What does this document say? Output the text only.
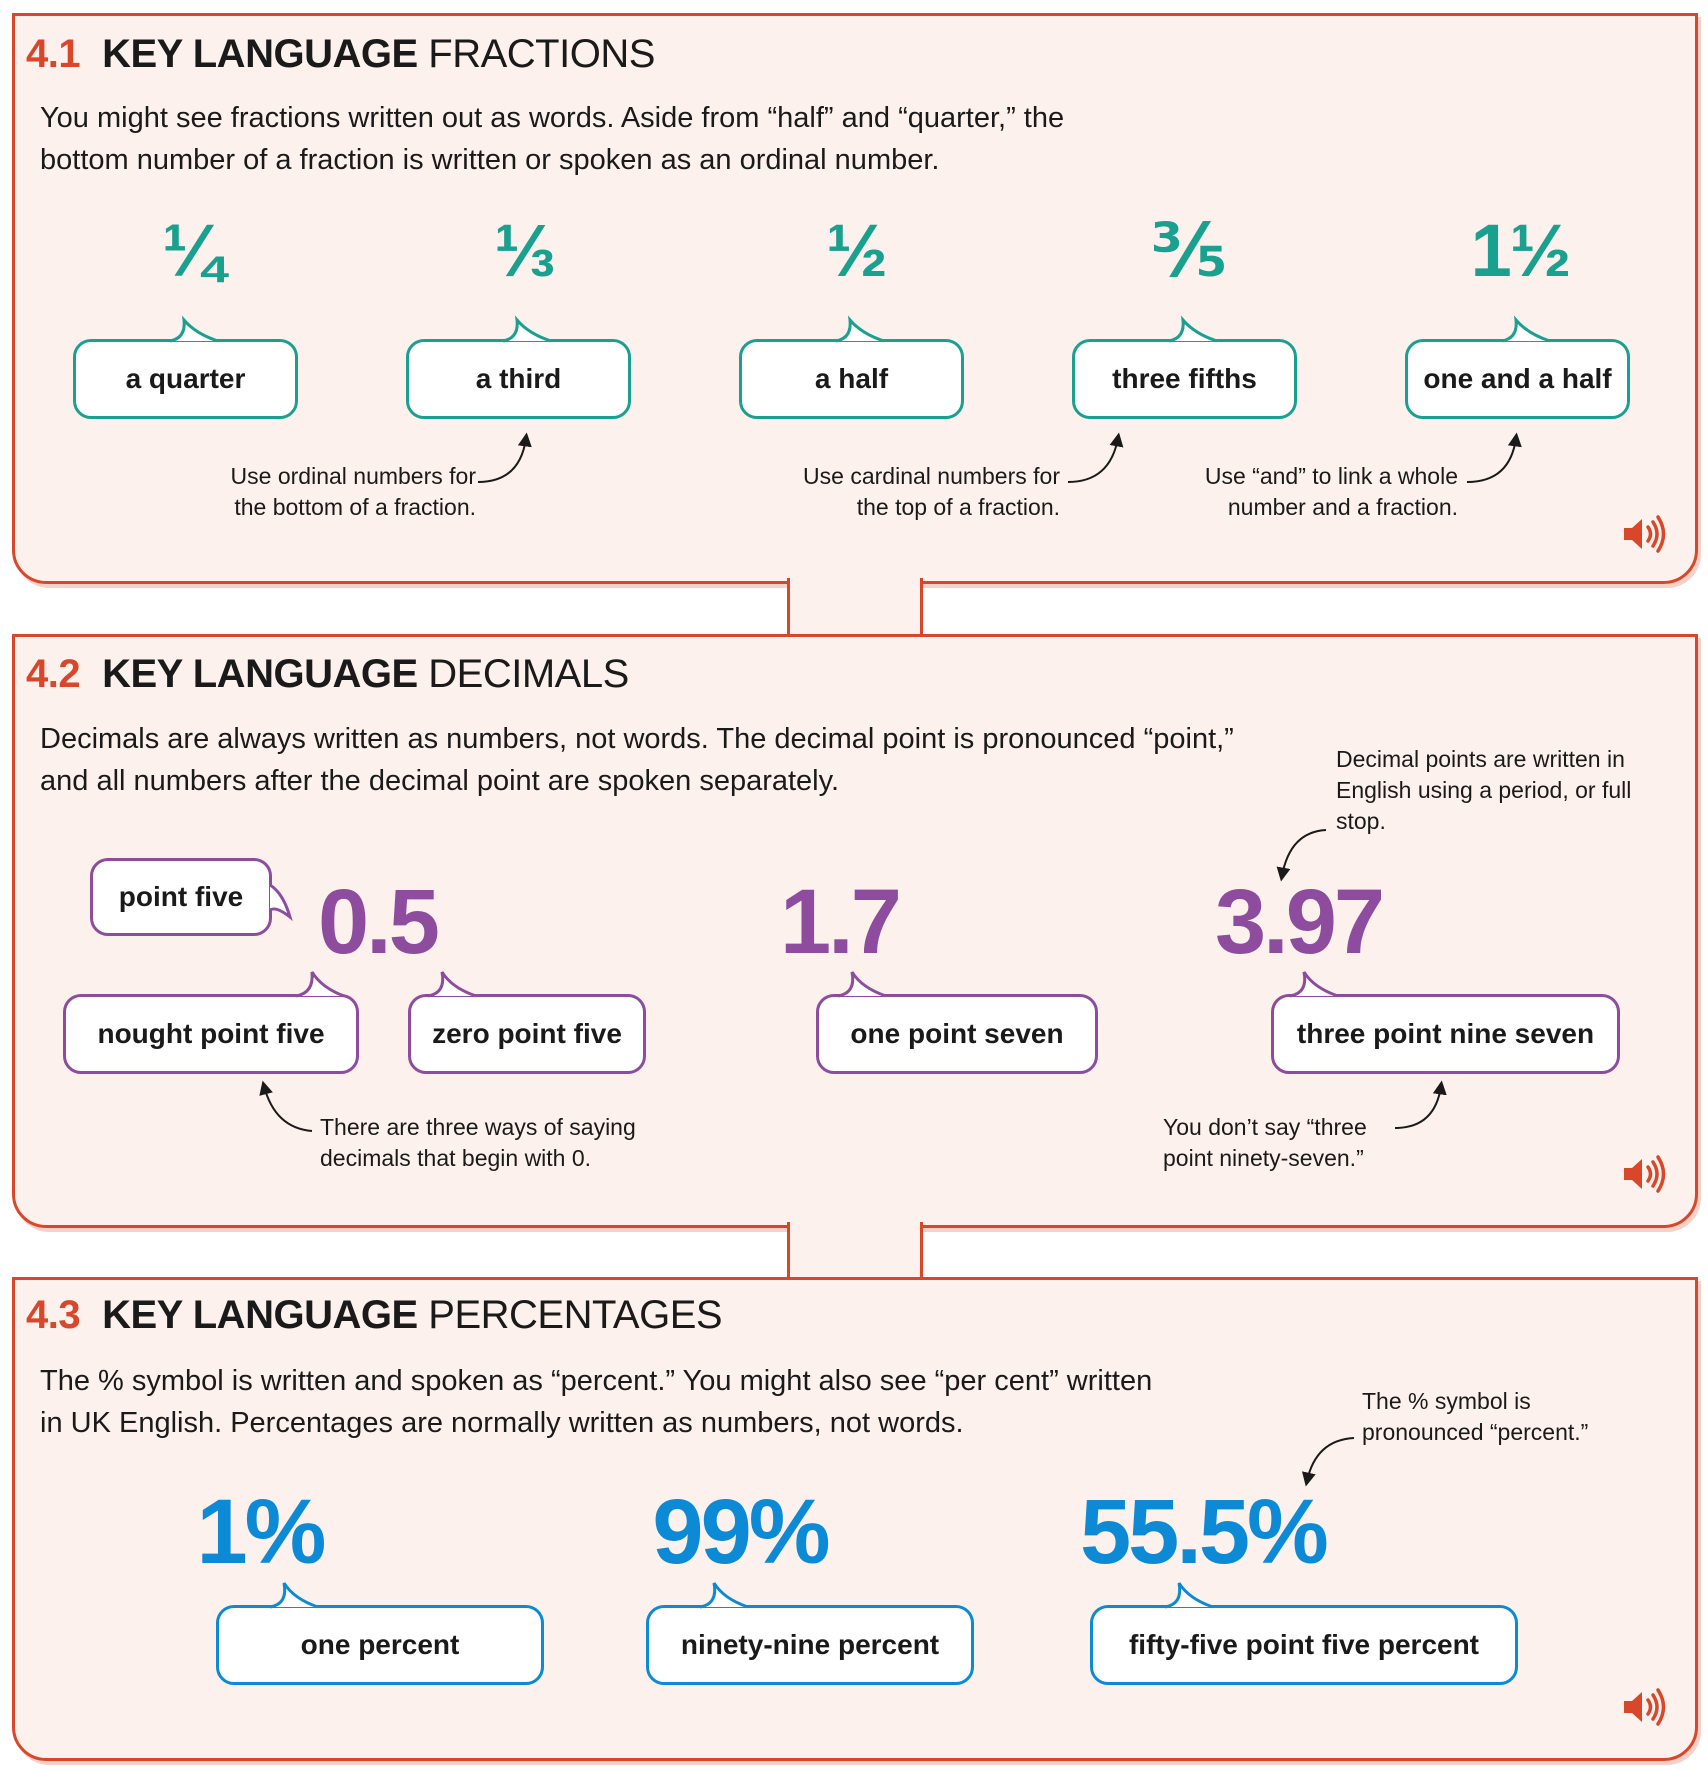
4.1 KEY LANGUAGE FRACTIONS
You might see fractions written out as words. Aside from “half” and “quarter,” the bottom number of a fraction is written or spoken as an ordinal number.
¼	⅓	½	⅗	1½
a quarter	a third	a half	three fifths	one and a half
Use ordinal numbers for the bottom of a fraction.
Use cardinal numbers for the top of a fraction.
Use “and” to link a whole number and a fraction.
4.2 KEY LANGUAGE DECIMALS
Decimals are always written as numbers, not words. The decimal point is pronounced “point,” and all numbers after the decimal point are spoken separately.
Decimal points are written in English using a period, or full stop.
0.5	1.7	3.97
point five
nought point five	zero point five	one point seven	three point nine seven
There are three ways of saying decimals that begin with 0.
You don’t say “three point ninety-seven.”
4.3 KEY LANGUAGE PERCENTAGES
The % symbol is written and spoken as “percent.” You might also see “per cent” written in UK English. Percentages are normally written as numbers, not words.
The % symbol is pronounced “percent.”
1%	99%	55.5%
one percent	ninety-nine percent	fifty-five point five percent
